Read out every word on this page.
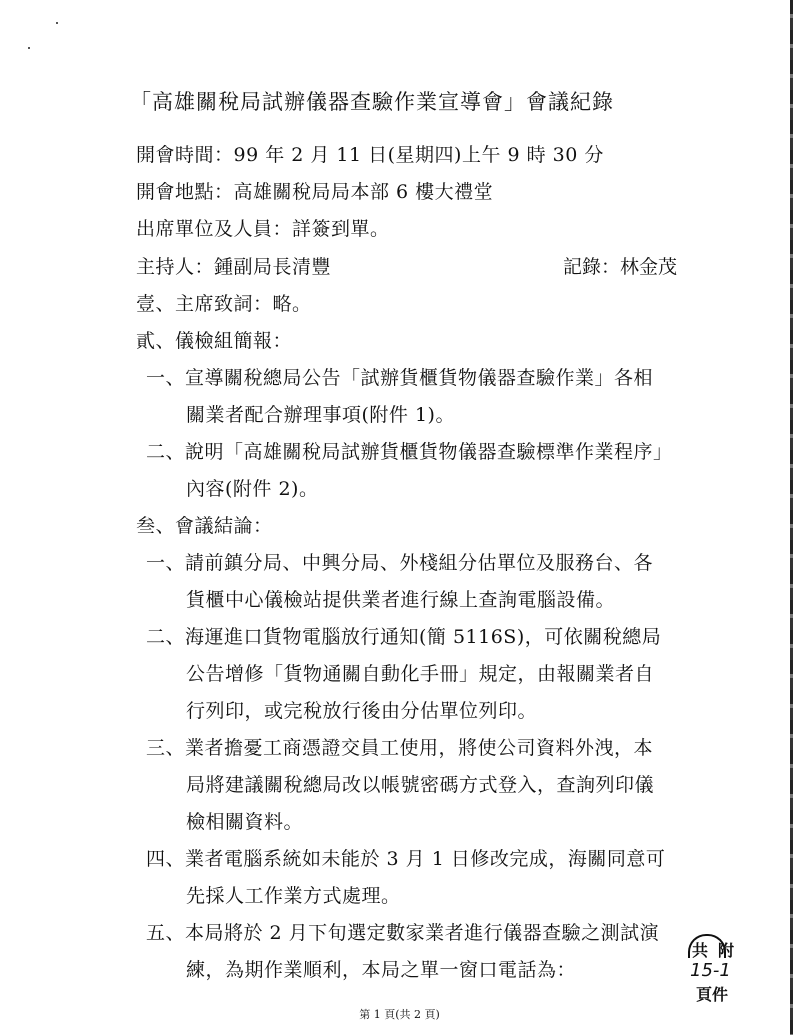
「高雄關稅局試辦儀器查驗作業宣導會」會議紀錄
開會時間：99 年 2 月 11 日(星期四)上午 9 時 30 分
開會地點：高雄關稅局局本部 6 樓大禮堂
出席單位及人員：詳簽到單。
主持人：鍾副局長清豐	記錄：林金茂
壹、主席致詞：略。
貳、儀檢組簡報：
一、宣導關稅總局公告「試辦貨櫃貨物儀器查驗作業」各相
關業者配合辦理事項(附件 1)。
二、說明「高雄關稅局試辦貨櫃貨物儀器查驗標準作業程序」
內容(附件 2)。
叁、會議結論：
一、請前鎮分局、中興分局、外棧組分估單位及服務台、各
貨櫃中心儀檢站提供業者進行線上查詢電腦設備。
二、海運進口貨物電腦放行通知(簡 5116S)，可依關稅總局
公告增修「貨物通關自動化手冊」規定，由報關業者自
行列印，或完稅放行後由分估單位列印。
三、業者擔憂工商憑證交員工使用，將使公司資料外洩，本
局將建議關稅總局改以帳號密碼方式登入，查詢列印儀
檢相關資料。
四、業者電腦系統如未能於 3 月 1 日修改完成，海關同意可
先採人工作業方式處理。
五、本局將於 2 月下旬選定數家業者進行儀器查驗之測試演
練，為期作業順利，本局之單一窗口電話為：
共 附
15-1
頁件
第 1 頁(共 2 頁)
